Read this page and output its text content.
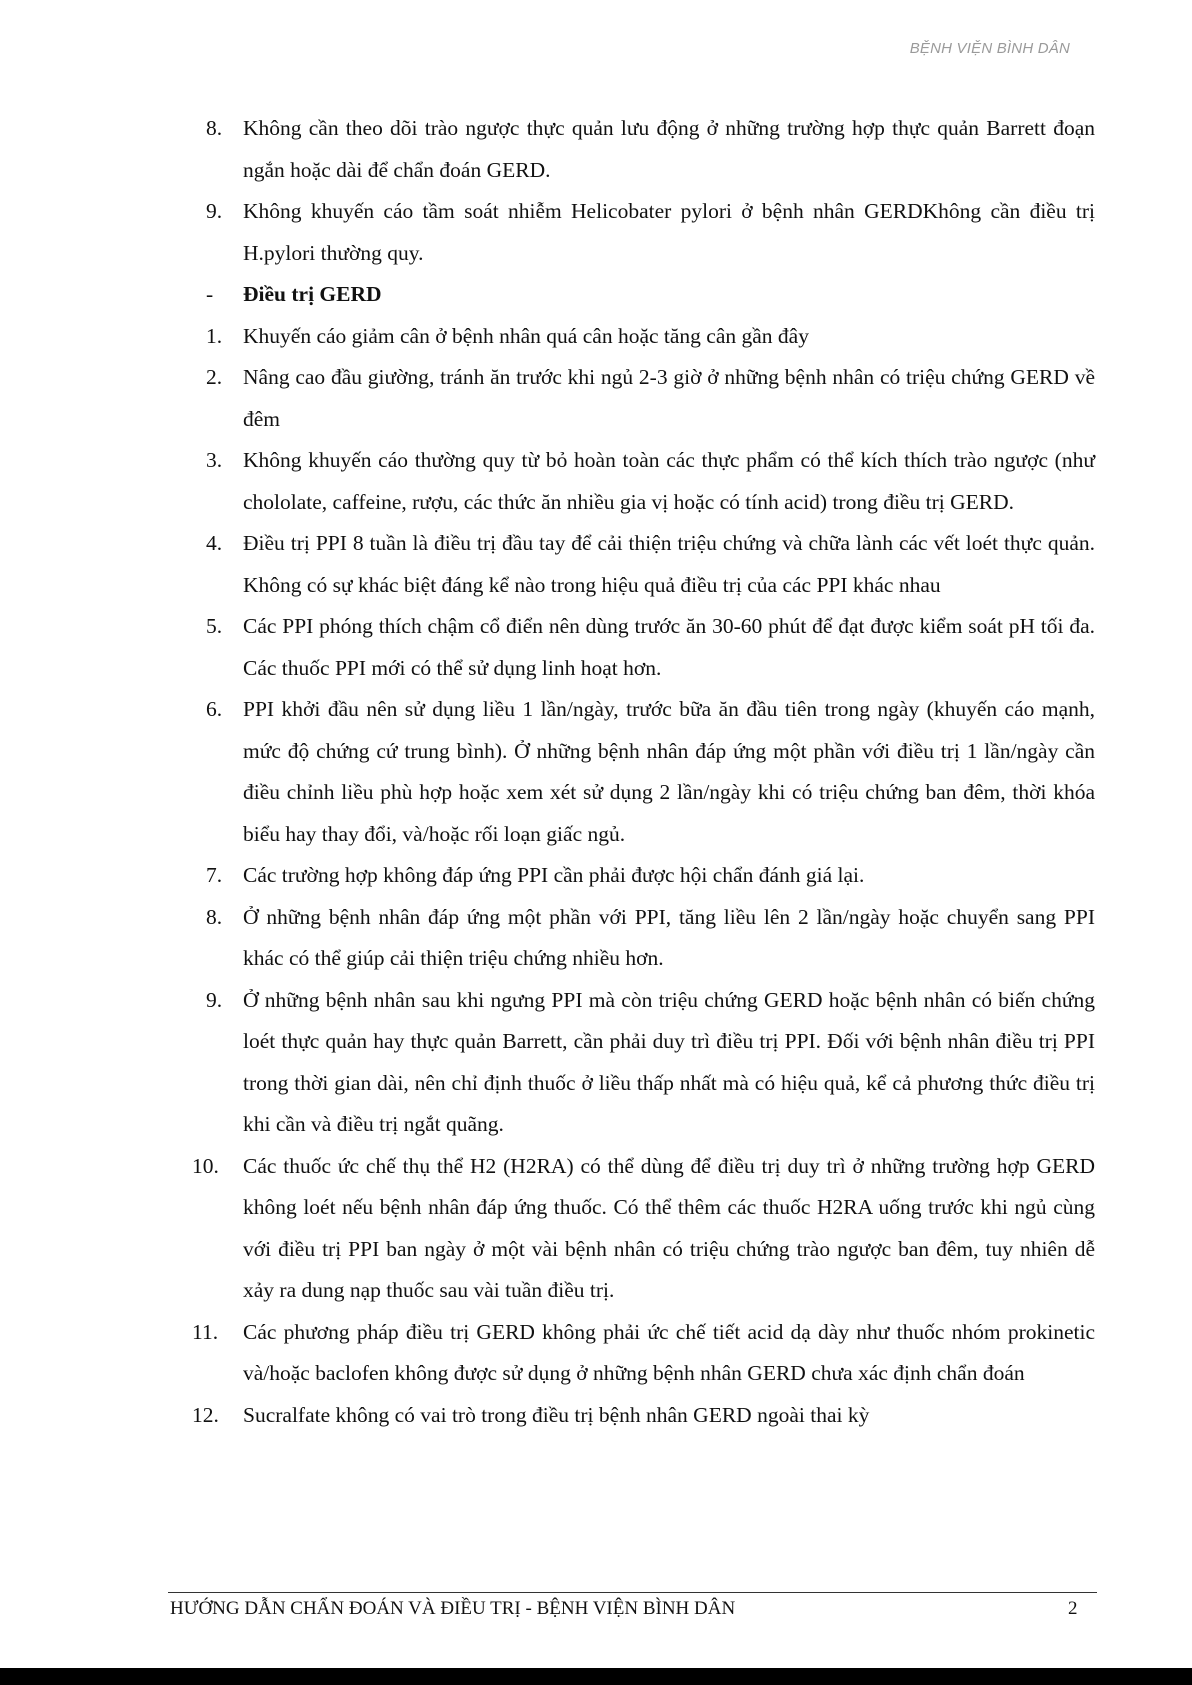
BỆNH VIỆN BÌNH DÂN
8. Không cần theo dõi trào ngược thực quản lưu động ở những trường hợp thực quản Barrett đoạn ngắn hoặc dài để chẩn đoán GERD.
9. Không khuyến cáo tầm soát nhiễm Helicobater pylori ở bệnh nhân GERDKhông cần điều trị H.pylori thường quy.
-	Điều trị GERD
1. Khuyến cáo giảm cân ở bệnh nhân quá cân hoặc tăng cân gần đây
2. Nâng cao đầu giường, tránh ăn trước khi ngủ 2-3 giờ ở những bệnh nhân có triệu chứng GERD về đêm
3. Không khuyến cáo thường quy từ bỏ hoàn toàn các thực phẩm có thể kích thích trào ngược (như chololate, caffeine, rượu, các thức ăn nhiều gia vị hoặc có tính acid) trong điều trị GERD.
4. Điều trị PPI 8 tuần là điều trị đầu tay để cải thiện triệu chứng và chữa lành các vết loét thực quản. Không có sự khác biệt đáng kể nào trong hiệu quả điều trị của các PPI khác nhau
5. Các PPI phóng thích chậm cổ điển nên dùng trước ăn 30-60 phút để đạt được kiểm soát pH tối đa. Các thuốc PPI mới có thể sử dụng linh hoạt hơn.
6. PPI khởi đầu nên sử dụng liều 1 lần/ngày, trước bữa ăn đầu tiên trong ngày (khuyến cáo mạnh, mức độ chứng cứ trung bình). Ở những bệnh nhân đáp ứng một phần với điều trị 1 lần/ngày cần điều chỉnh liều phù hợp hoặc xem xét sử dụng 2 lần/ngày khi có triệu chứng ban đêm, thời khóa biểu hay thay đổi, và/hoặc rối loạn giấc ngủ.
7. Các trường hợp không đáp ứng PPI cần phải được hội chẩn đánh giá lại.
8. Ở những bệnh nhân đáp ứng một phần với PPI, tăng liều lên 2 lần/ngày hoặc chuyển sang PPI khác có thể giúp cải thiện triệu chứng nhiều hơn.
9. Ở những bệnh nhân sau khi ngưng PPI mà còn triệu chứng GERD hoặc bệnh nhân có biến chứng loét thực quản hay thực quản Barrett, cần phải duy trì điều trị PPI. Đối với bệnh nhân điều trị PPI trong thời gian dài, nên chỉ định thuốc ở liều thấp nhất mà có hiệu quả, kể cả phương thức điều trị khi cần và điều trị ngắt quãng.
10.	Các thuốc ức chế thụ thể H2 (H2RA) có thể dùng để điều trị duy trì ở những trường hợp GERD không loét nếu bệnh nhân đáp ứng thuốc. Có thể thêm các thuốc H2RA uống trước khi ngủ cùng với điều trị PPI ban ngày ở một vài bệnh nhân có triệu chứng trào ngược ban đêm, tuy nhiên dễ xảy ra dung nạp thuốc sau vài tuần điều trị.
11.	Các phương pháp điều trị GERD không phải ức chế tiết acid dạ dày như thuốc nhóm prokinetic và/hoặc baclofen không được sử dụng ở những bệnh nhân GERD chưa xác định chẩn đoán
12.	Sucralfate không có vai trò trong điều trị bệnh nhân GERD ngoài thai kỳ
HƯỚNG DẪN CHẨN ĐOÁN VÀ ĐIỀU TRỊ - BỆNH VIỆN BÌNH DÂN	2
